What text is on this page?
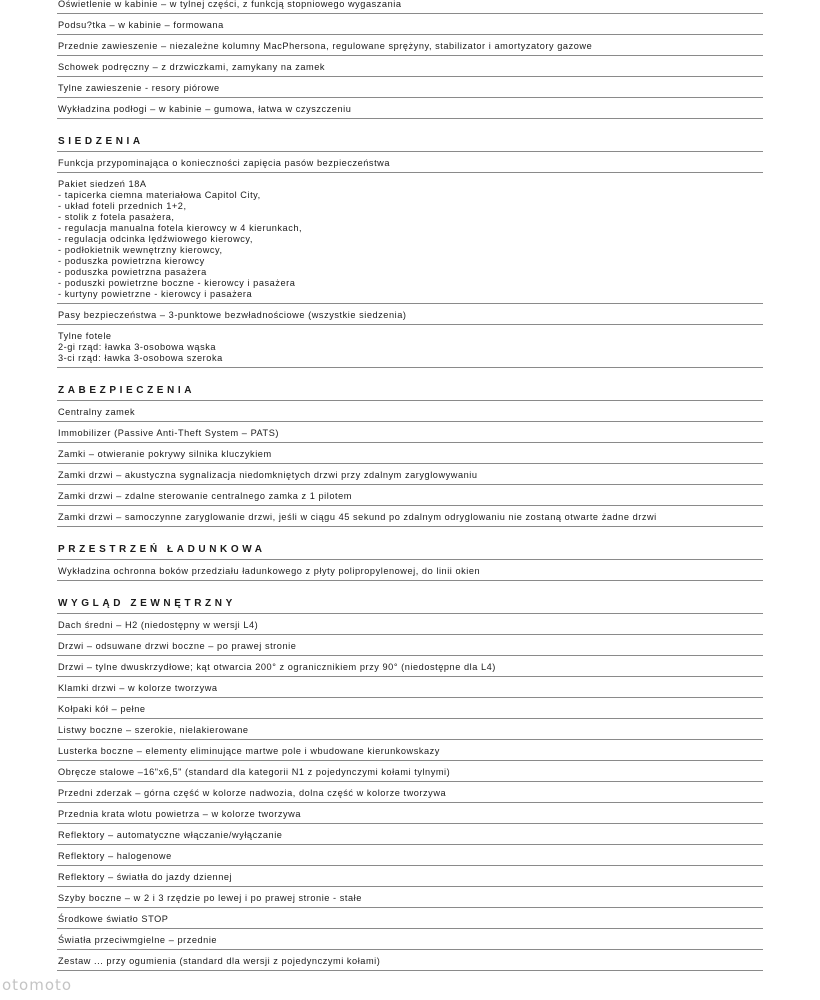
Oświetlenie w kabinie – w tylnej części, z funkcją stopniowego wygaszania
Podsu?tka – w kabinie – formowana
Przednie zawieszenie – niezależne kolumny MacPhersona, regulowane sprężyny, stabilizator i amortyzatory gazowe
Schowek podręczny – z drzwiczkami, zamykany na zamek
Tylne zawieszenie - resory piórowe
Wykładzina podłogi – w kabinie – gumowa, łatwa w czyszczeniu
SIEDZENIA
Funkcja przypominająca o konieczności zapięcia pasów bezpieczeństwa
Pakiet siedzeń 18A
- tapicerka ciemna materiałowa Capitol City,
- układ foteli przednich 1+2,
- stolik z fotela pasażera,
- regulacja manualna fotela kierowcy w 4 kierunkach,
- regulacja odcinka lędźwiowego kierowcy,
- podłokietnik wewnętrzny kierowcy,
- poduszka powietrzna kierowcy
- poduszka powietrzna pasażera
- poduszki powietrzne boczne - kierowcy i pasażera
- kurtyny powietrzne - kierowcy i pasażera
Pasy bezpieczeństwa – 3-punktowe bezwładnościowe (wszystkie siedzenia)
Tylne fotele
2-gi rząd: ławka 3-osobowa wąska
3-ci rząd: ławka 3-osobowa szeroka
ZABEZPIECZENIA
Centralny zamek
Immobilizer (Passive Anti-Theft System – PATS)
Zamki – otwieranie pokrywy silnika kluczykiem
Zamki drzwi – akustyczna sygnalizacja niedomkniętych drzwi przy zdalnym zaryglowywaniu
Zamki drzwi – zdalne sterowanie centralnego zamka z 1 pilotem
Zamki drzwi – samoczynne zaryglowanie drzwi, jeśli w ciągu 45 sekund po zdalnym odryglowaniu nie zostaną otwarte żadne drzwi
PRZESTRZEŃ ŁADUNKOWA
Wykładzina ochronna boków przedziału ładunkowego z płyty polipropylenowej, do linii okien
WYGLĄD ZEWNĘTRZNY
Dach średni – H2 (niedostępny w wersji L4)
Drzwi – odsuwane drzwi boczne – po prawej stronie
Drzwi – tylne dwuskrzydłowe; kąt otwarcia 200° z ogranicznikiem przy 90° (niedostępne dla L4)
Klamki drzwi – w kolorze tworzywa
Kołpaki kół – pełne
Listwy boczne – szerokie, nielakierowane
Lusterka boczne – elementy eliminujące martwe pole i wbudowane kierunkowskazy
Obręcze stalowe –16"x6,5" (standard dla kategorii N1 z pojedynczymi kołami tylnymi)
Przedni zderzak – górna część w kolorze nadwozia, dolna część w kolorze tworzywa
Przednia krata wlotu powietrza – w kolorze tworzywa
Reflektory – automatyczne włączanie/wyłączanie
Reflektory – halogenowe
Reflektory – światła do jazdy dziennej
Szyby boczne – w 2 i 3 rzędzie po lewej i po prawej stronie - stałe
Środkowe światło STOP
Światła przeciwmgielne – przednie
Zestaw ... przy ogumienia (standard dla wersji z pojedynczymi kołami)
otomoto
